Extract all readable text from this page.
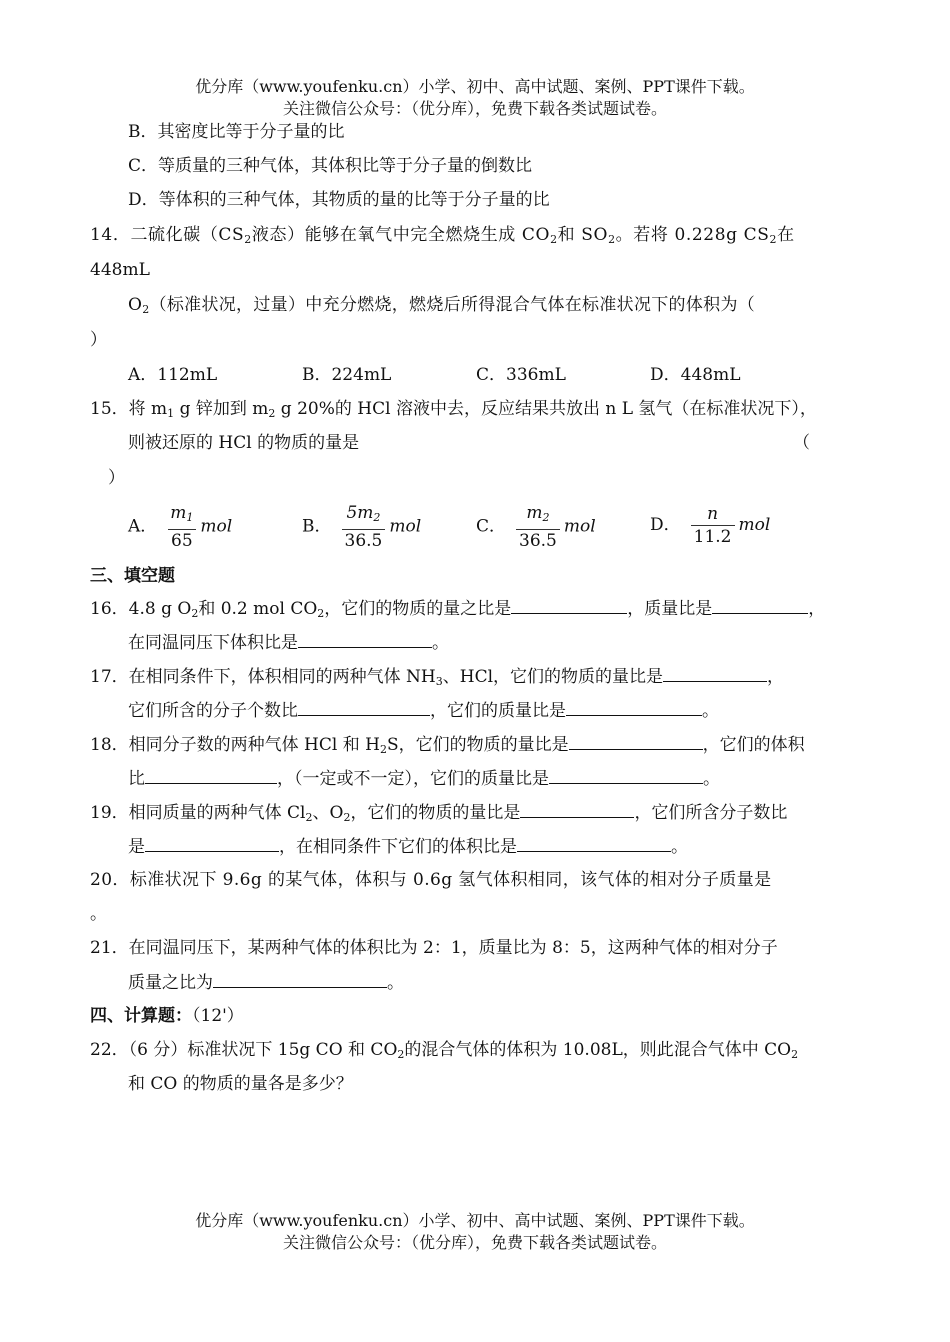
优分库（www.youfenku.cn）小学、初中、高中试题、案例、PPT课件下载。
关注微信公众号：（优分库），免费下载各类试题试卷。
B．其密度比等于分子量的比
C．等质量的三种气体，其体积比等于分子量的倒数比
D．等体积的三种气体，其物质的量的比等于分子量的比
14．二硫化碳（$CS_2$液态）能够在氧气中完全燃烧生成 $CO_2$和 $SO_2$。若将 0.228g $CS_2$在
448mL
$O_2$（标准状况，过量）中充分燃烧，燃烧后所得混合气体在标准状况下的体积为（
）
A．112mL	B．224mL	C．336mL	D．448mL
15．将 $m_1$ g 锌加到 $m_2$ g 20%的 HCl 溶液中去，反应结果共放出 n L 氢气（在标准状况下），
则被还原的 HCl 的物质的量是	（
）
A． $\frac{m_1}{65}$ mol	B． $\frac{5m_2}{36.5}$ mol	C． $\frac{m_2}{36.5}$ mol	D． $\frac{n}{11.2}$ mol
三、填空题
16．4.8 g $O_2$和 0.2 mol $CO_2$，它们的物质的量之比是	，质量比是	，
在同温同压下体积比是	。
17．在相同条件下，体积相同的两种气体 $NH_3$、HCl，它们的物质的量比是	，
它们所含的分子个数比	，它们的质量比是	。
18．相同分子数的两种气体 HCl 和 $H_2S$，它们的物质的量比是	，它们的体积
比	，（一定或不一定），它们的质量比是	。
19．相同质量的两种气体 $Cl_2$、$O_2$，它们的物质的量比是	，它们所含分子数比
是	，在相同条件下它们的体积比是	。
20．标准状况下 9.6g 的某气体，体积与 0.6g 氢气体积相同，该气体的相对分子质量是
。
21．在同温同压下，某两种气体的体积比为 2：1，质量比为 8：5，这两种气体的相对分子
质量之比为	。
四、计算题：（12'）
22．（6 分）标准状况下 15g CO 和 $CO_2$的混合气体的体积为 10.08L，则此混合气体中 $CO_2$
和 CO 的物质的量各是多少？
优分库（www.youfenku.cn）小学、初中、高中试题、案例、PPT课件下载。
关注微信公众号：（优分库），免费下载各类试题试卷。
